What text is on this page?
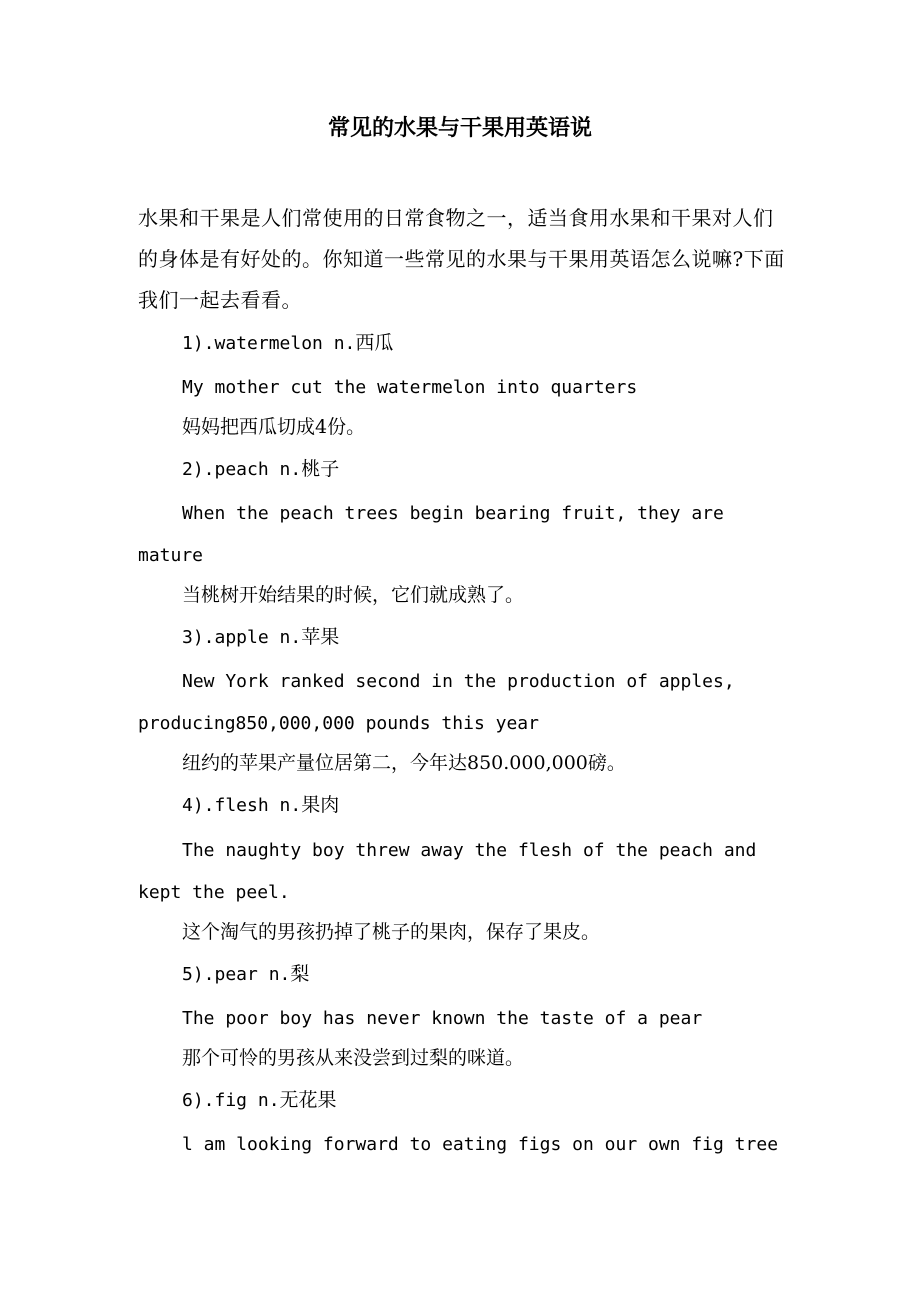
常见的水果与干果用英语说

水果和干果是人们常使用的日常食物之一，适当食用水果和干果对人们的身体是有好处的。你知道一些常见的水果与干果用英语怎么说嘛?下面我们一起去看看。

1).watermelon n.西瓜

My mother cut the watermelon into quarters

妈妈把西瓜切成4份。

2).peach n.桃子

When the peach trees begin bearing fruit, they are

mature

当桃树开始结果的时候，它们就成熟了。

3).apple n.苹果

New York ranked second in the production of apples,

producing850,000,000 pounds this year

纽约的苹果产量位居第二，今年达850.000,000磅。

4).flesh n.果肉

The naughty boy threw away the flesh of the peach and

kept the peel.

这个淘气的男孩扔掉了桃子的果肉，保存了果皮。

5).pear n.梨

The poor boy has never known the taste of a pear

那个可怜的男孩从来没尝到过梨的咪道。

6).fig n.无花果

l am looking forward to eating figs on our own fig tree
